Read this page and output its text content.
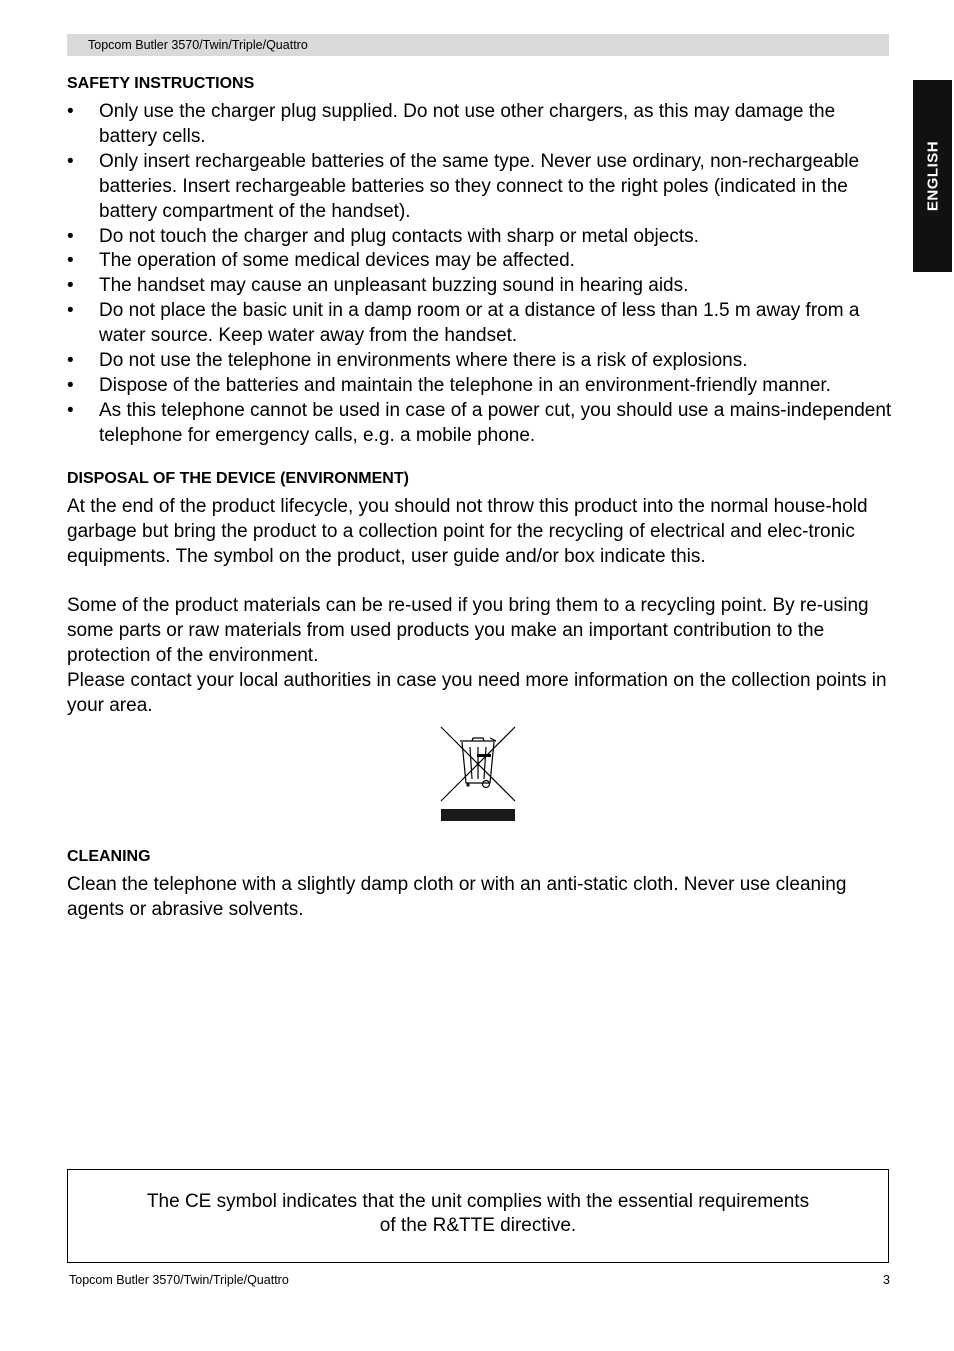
Topcom Butler 3570/Twin/Triple/Quattro
ENGLISH
SAFETY INSTRUCTIONS
• Only use the charger plug supplied. Do not use other chargers, as this may damage the battery cells.
• Only insert rechargeable batteries of the same type. Never use ordinary, non-rechargeable batteries. Insert rechargeable batteries so they connect to the right poles (indicated in the battery compartment of the handset).
• Do not touch the charger and plug contacts with sharp or metal objects.
• The operation of some medical devices may be affected.
• The handset may cause an unpleasant buzzing sound in hearing aids.
• Do not place the basic unit in a damp room or at a distance of less than 1.5 m away from a water source. Keep water away from the handset.
• Do not use the telephone in environments where there is a risk of explosions.
• Dispose of the batteries and maintain the telephone in an environment-friendly manner.
• As this telephone cannot be used in case of a power cut, you should use a mains-independent telephone for emergency calls, e.g. a mobile phone.
DISPOSAL OF THE DEVICE (ENVIRONMENT)

At the end of the product lifecycle, you should not throw this product into the normal house-hold garbage but bring the product to a collection point for the recycling of electrical and elec-tronic equipments. The symbol on the product, user guide and/or box indicate this.

Some of the product materials can be re-used if you bring them to a recycling point. By re-using some parts or raw materials from used products you make an important contribution to the protection of the environment.

Please contact your local authorities in case you need more information on the collection points in your area.

CLEANING

Clean the telephone with a slightly damp cloth or with an anti-static cloth. Never use cleaning agents or abrasive solvents.

The CE symbol indicates that the unit complies with the essential requirements
of the R&TTE directive.

Topcom Butler 3570/Twin/Triple/Quattro	3
